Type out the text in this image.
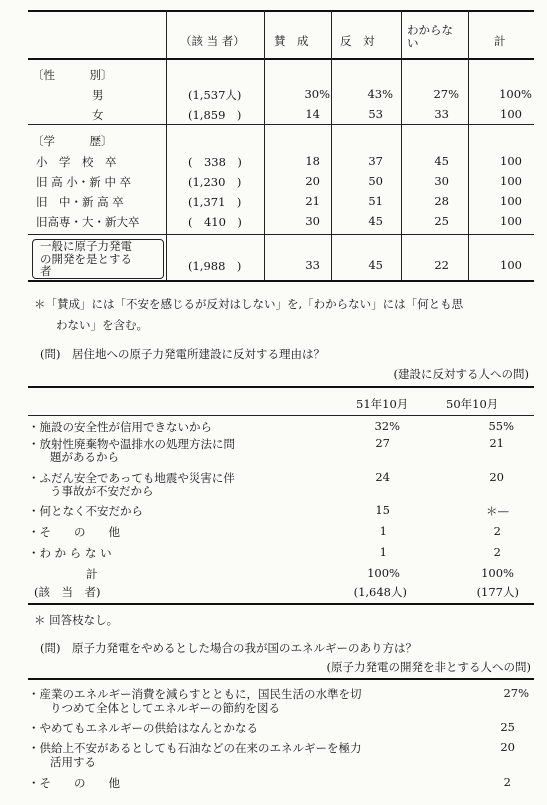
（該 当 者）	賛　成	反　対
わからな
い	計
〔性　　　別〕
男	(1,537人)	30%	43%	27%	100%
女	(1,859　)	14	53	33	100
〔学　　　歴〕
小　学　校　卒	(　338　)	18	37	45	100
旧 高 小・新 中 卒	(1,230　)	20	50	30	100
旧　中・新 高 卒	(1,371　)	21	51	28	100
旧高専・大・新大卒	(　410　)	30	45	25	100
一般に原子力発電
の開発を是とする
者	(1,988　)	33	45	22	100
＊「賛成」には「不安を感じるが反対はしない」を,「わからない」には「何とも思
わない」を含む。
(問)　居住地への原子力発電所建設に反対する理由は？
(建設に反対する人への問)
51年10月	50年10月
・ 施設の安全性が信用できないから	32%	55%
・ 放射性廃棄物や温排水の処理方法に問
題があるから
27	21
・ ふだん安全であっても地震や災害に伴
う事故が不安だから
24	20
・ 何となく不安だから	15	＊—
・ そ　　の　　他	1	2
・ わ か ら な い	1	2
計	100%	100%
(該　当　者)	(1,648人)	(177人)
＊ 回答枝なし。
(問)　原子力発電をやめるとした場合の我が国のエネルギーのあり方は？
(原子力発電の開発を非とする人への問)
・ 産業のエネルギー消費を減らすとともに，国民生活の水準を切
りつめて全体としてエネルギーの節約を図る
27%
・ やめてもエネルギーの供給はなんとかなる	25
・ 供給上不安があるとしても石油などの在来のエネルギーを極力
活用する
20
・ そ　　の　　他	2
